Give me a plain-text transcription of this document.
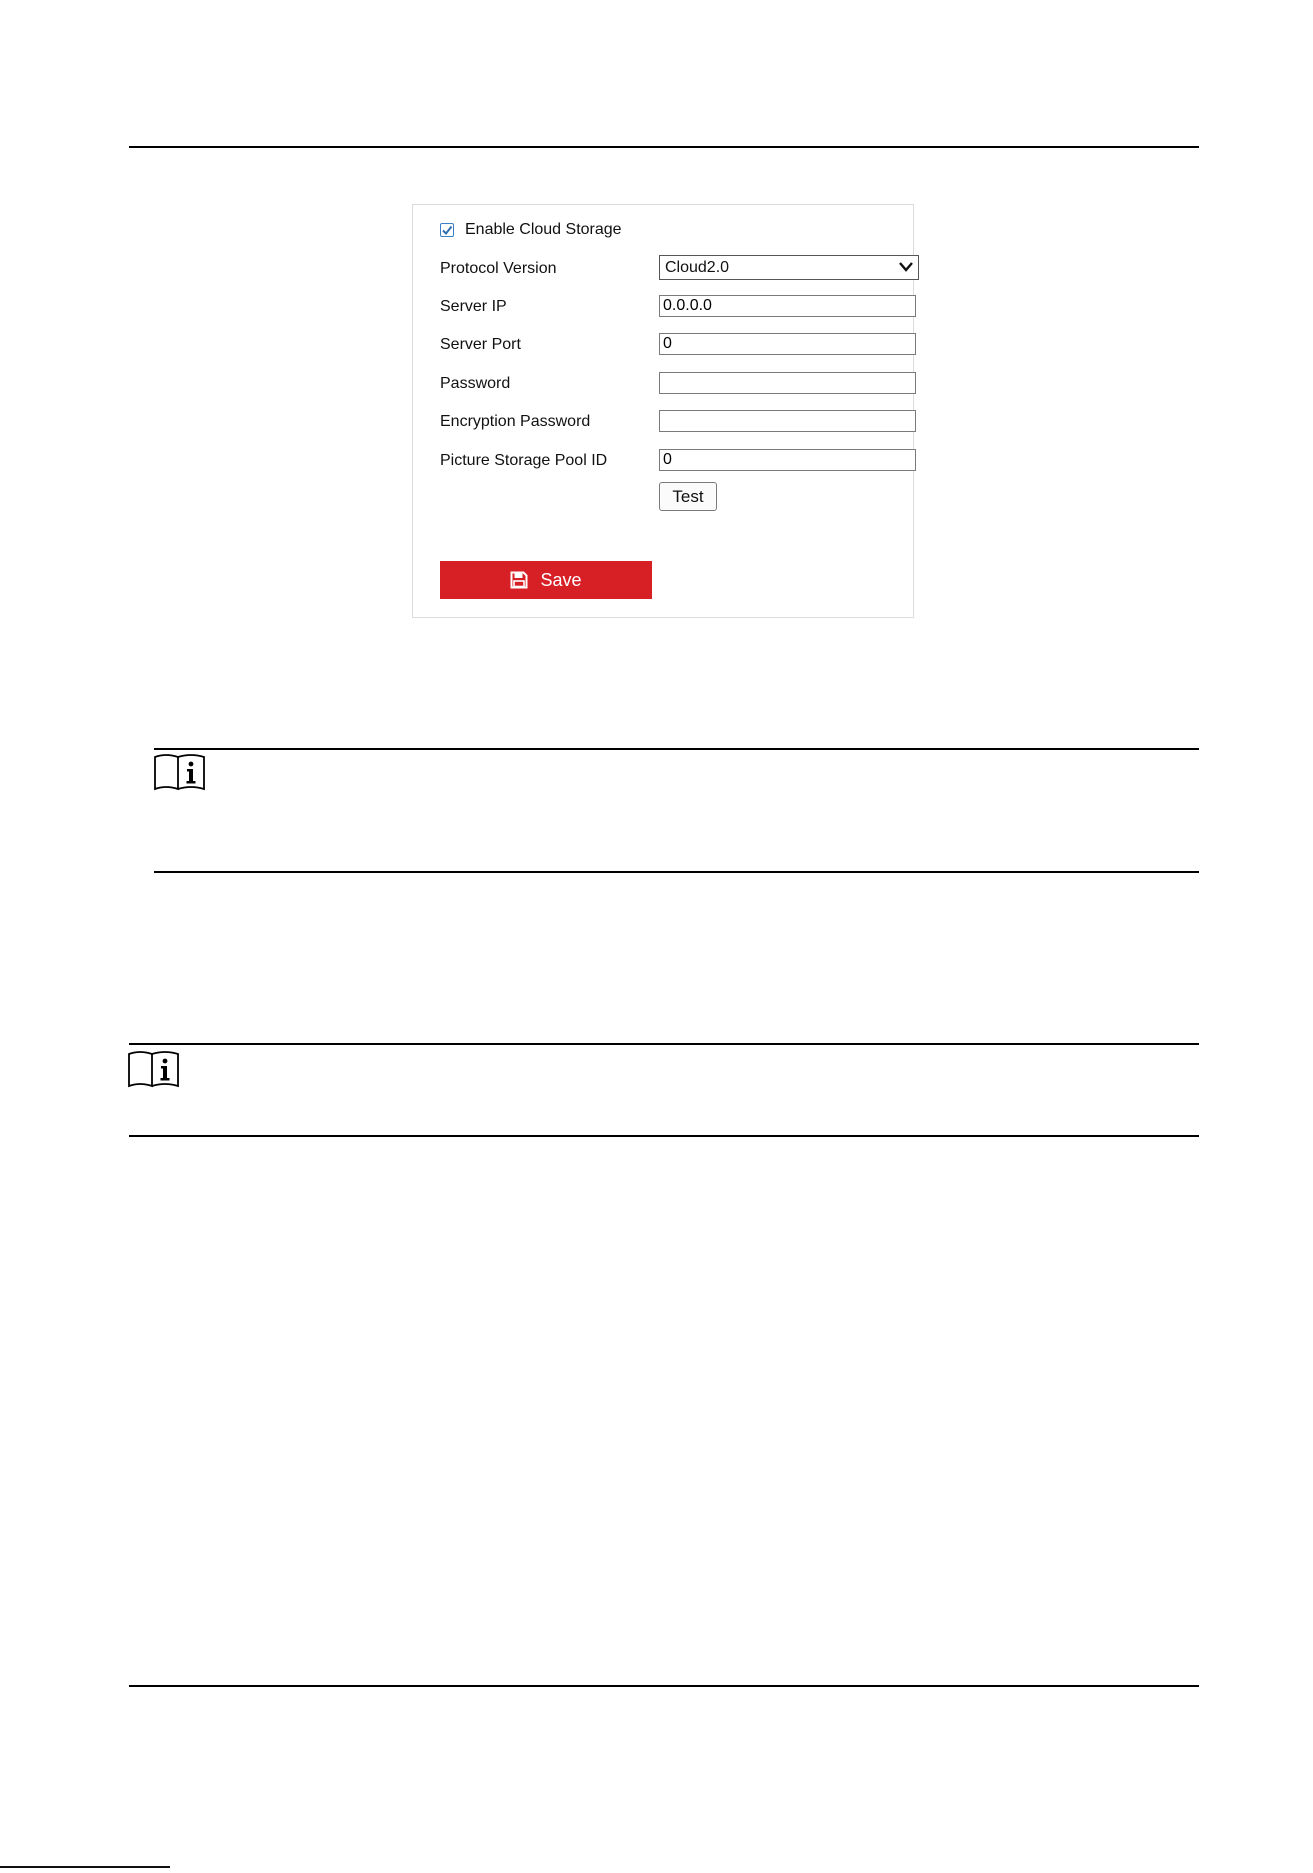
Enable Cloud Storage
Protocol Version	Cloud2.0
Server IP	0.0.0.0
Server Port	0
Password
Encryption Password
Picture Storage Pool ID	0
Test
Save
